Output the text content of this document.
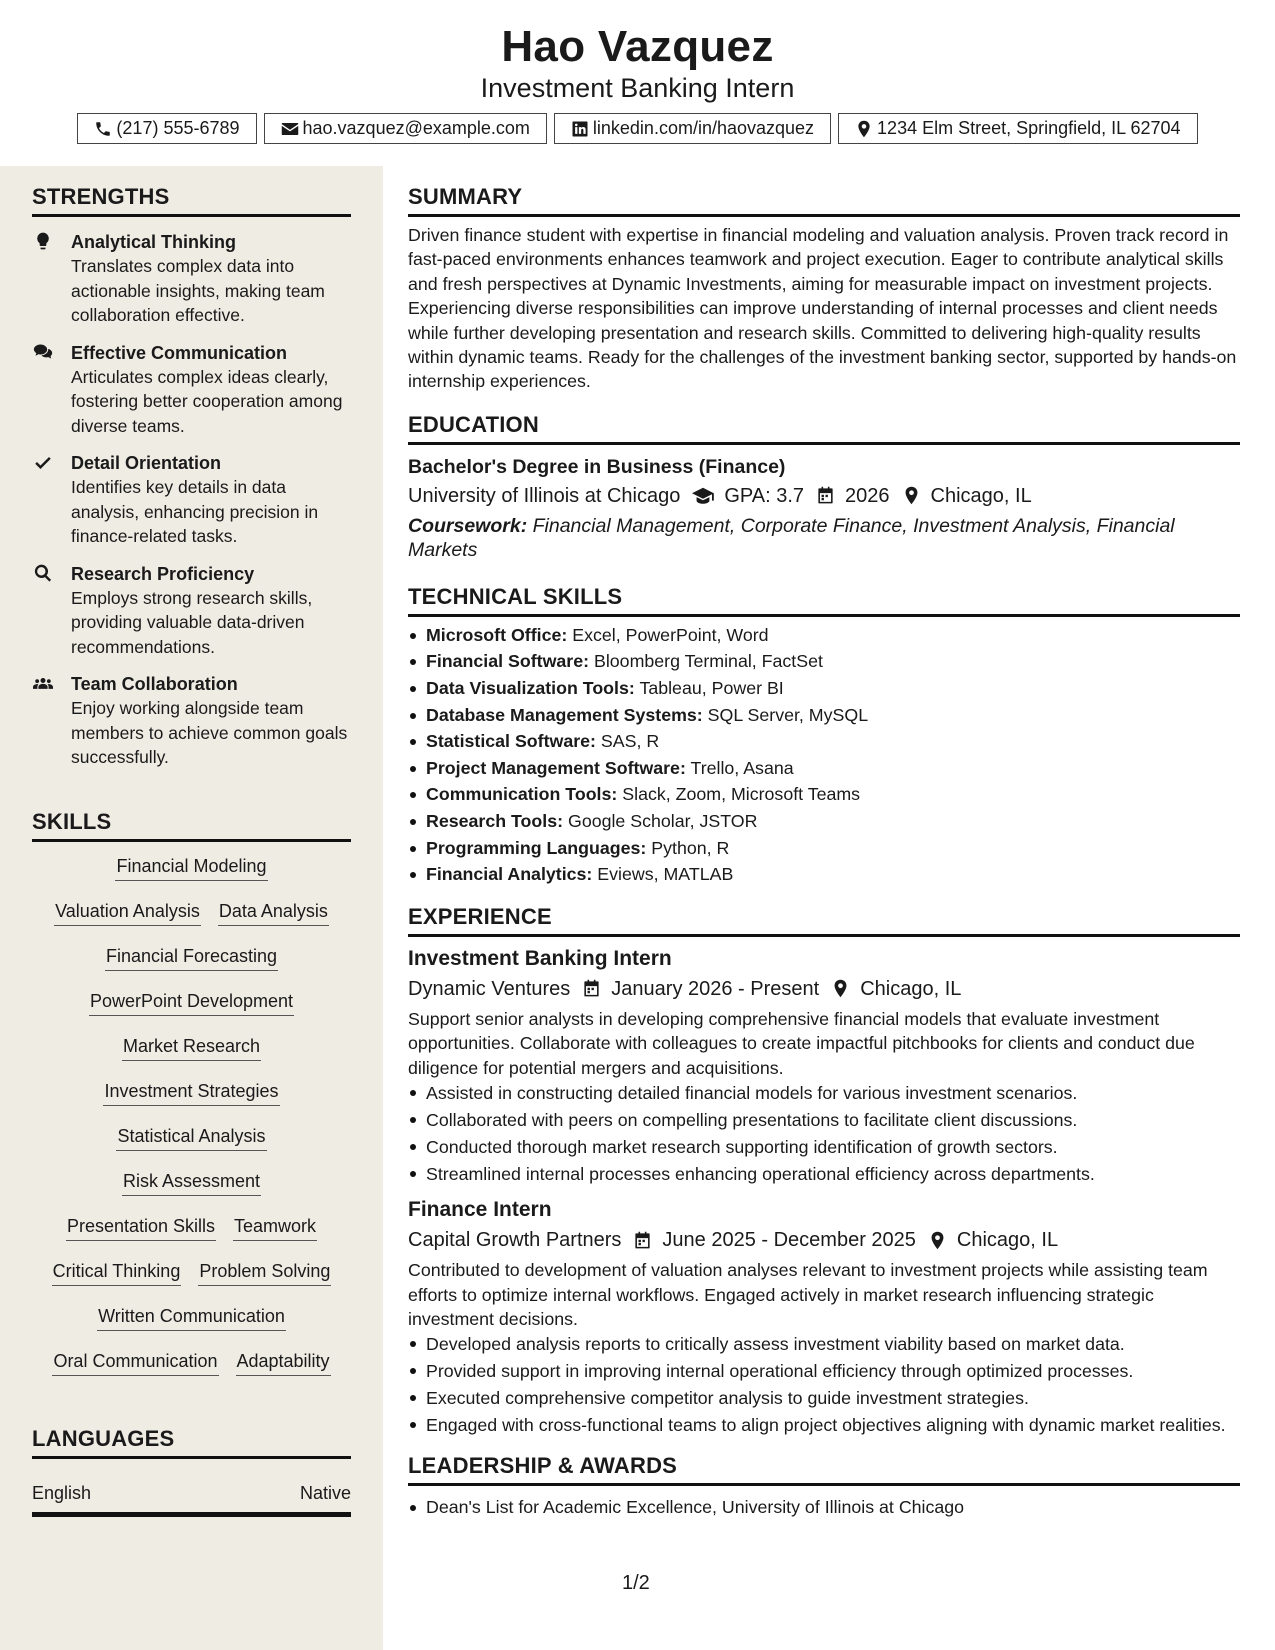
Hao Vazquez
Investment Banking Intern
(217) 555-6789	hao.vazquez@example.com	linkedin.com/in/haovazquez	1234 Elm Street, Springfield, IL 62704
STRENGTHS
Analytical Thinking

Translates complex data into actionable insights, making team collaboration effective.

Effective Communication

Articulates complex ideas clearly, fostering better cooperation among diverse teams.

Detail Orientation

Identifies key details in data analysis, enhancing precision in finance-related tasks.

Research Proficiency

Employs strong research skills, providing valuable data-driven recommendations.

Team Collaboration

Enjoy working alongside team members to achieve common goals successfully.

SKILLS
Financial Modeling
Valuation Analysis Data Analysis
Financial Forecasting
PowerPoint Development
Market Research
Investment Strategies
Statistical Analysis
Risk Assessment
Presentation Skills Teamwork
Critical Thinking Problem Solving
Written Communication
Oral Communication Adaptability
LANGUAGES
English	Native
SUMMARY

Driven finance student with expertise in financial modeling and valuation analysis. Proven track record in fast-paced environments enhances teamwork and project execution. Eager to contribute analytical skills and fresh perspectives at Dynamic Investments, aiming for measurable impact on investment projects. Experiencing diverse responsibilities can improve understanding of internal processes and client needs while further developing presentation and research skills. Committed to delivering high-quality results within dynamic teams. Ready for the challenges of the investment banking sector, supported by hands-on internship experiences.

EDUCATION
Bachelor's Degree in Business (Finance)
University of Illinois at Chicago GPA: 3.7 2026 Chicago, IL
Coursework: Financial Management, Corporate Finance, Investment Analysis, Financial Markets
TECHNICAL SKILLS
Microsoft Office: Excel, PowerPoint, Word
Financial Software: Bloomberg Terminal, FactSet
Data Visualization Tools: Tableau, Power BI
Database Management Systems: SQL Server, MySQL
Statistical Software: SAS, R
Project Management Software: Trello, Asana
Communication Tools: Slack, Zoom, Microsoft Teams
Research Tools: Google Scholar, JSTOR
Programming Languages: Python, R
Financial Analytics: Eviews, MATLAB
EXPERIENCE
Investment Banking Intern
Dynamic Ventures January 2026 - Present Chicago, IL

Support senior analysts in developing comprehensive financial models that evaluate investment opportunities. Collaborate with colleagues to create impactful pitchbooks for clients and conduct due diligence for potential mergers and acquisitions.

Assisted in constructing detailed financial models for various investment scenarios.
Collaborated with peers on compelling presentations to facilitate client discussions.
Conducted thorough market research supporting identification of growth sectors.
Streamlined internal processes enhancing operational efficiency across departments.
Finance Intern
Capital Growth Partners June 2025 - December 2025 Chicago, IL

Contributed to development of valuation analyses relevant to investment projects while assisting team efforts to optimize internal workflows. Engaged actively in market research influencing strategic investment decisions.

Developed analysis reports to critically assess investment viability based on market data.
Provided support in improving internal operational efficiency through optimized processes.
Executed comprehensive competitor analysis to guide investment strategies.
Engaged with cross-functional teams to align project objectives aligning with dynamic market realities.
LEADERSHIP & AWARDS
Dean's List for Academic Excellence, University of Illinois at Chicago
1/2
